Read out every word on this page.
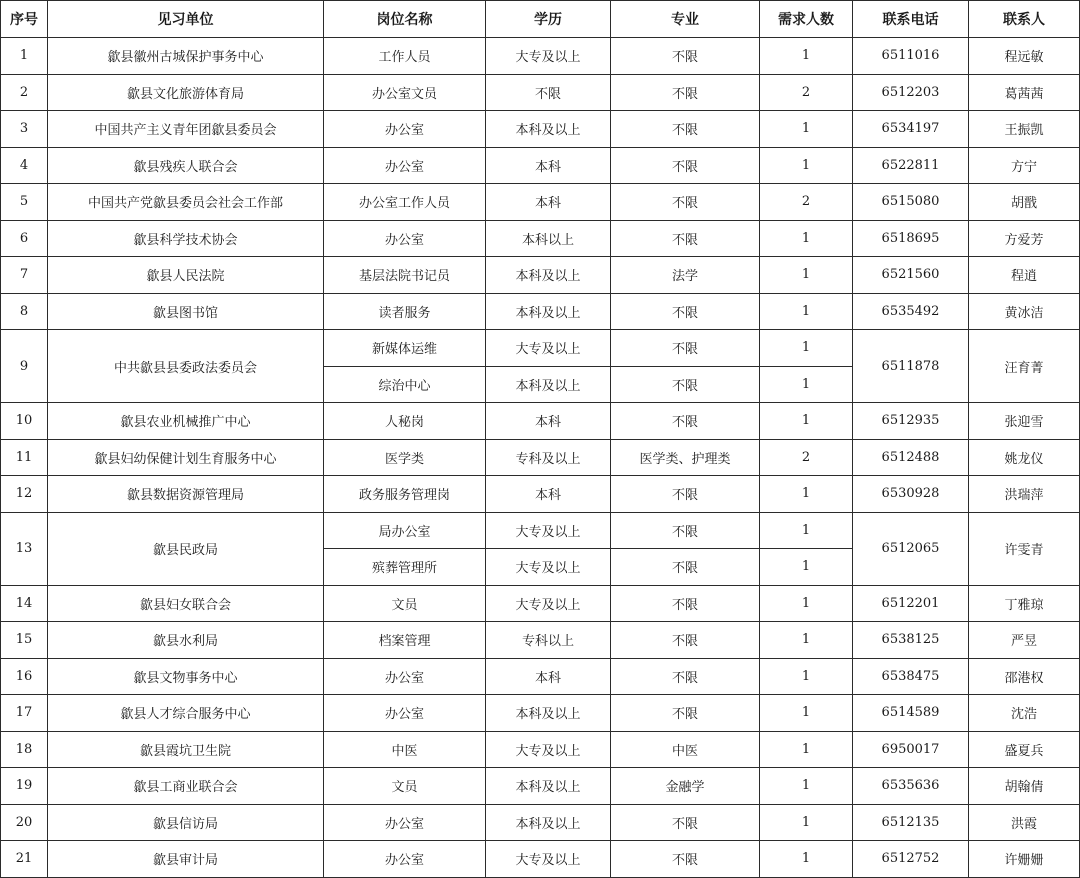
序号	见习单位	岗位名称	学历	专业	需求人数	联系电话	联系人
1	歙县徽州古城保护事务中心	工作人员	大专及以上	不限	1	6511016	程远敏
2	歙县文化旅游体育局	办公室文员	不限	不限	2	6512203	葛茜茜
3	中国共产主义青年团歙县委员会	办公室	本科及以上	不限	1	6534197	王振凯
4	歙县残疾人联合会	办公室	本科	不限	1	6522811	方宁
5	中国共产党歙县委员会社会工作部	办公室工作人员	本科	不限	2	6515080	胡戬
6	歙县科学技术协会	办公室	本科以上	不限	1	6518695	方爱芳
7	歙县人民法院	基层法院书记员	本科及以上	法学	1	6521560	程逍
8	歙县图书馆	读者服务	本科及以上	不限	1	6535492	黄冰洁
9	中共歙县县委政法委员会	新媒体运维	大专及以上	不限	1	6511878	汪育菁
		综治中心	本科及以上	不限	1		
10	歙县农业机械推广中心	人秘岗	本科	不限	1	6512935	张迎雪
11	歙县妇幼保健计划生育服务中心	医学类	专科及以上	医学类、护理类	2	6512488	姚龙仪
12	歙县数据资源管理局	政务服务管理岗	本科	不限	1	6530928	洪瑞萍
13	歙县民政局	局办公室	大专及以上	不限	1	6512065	许雯青
		殡葬管理所	大专及以上	不限	1		
14	歙县妇女联合会	文员	大专及以上	不限	1	6512201	丁雅琼
15	歙县水利局	档案管理	专科以上	不限	1	6538125	严昱
16	歙县文物事务中心	办公室	本科	不限	1	6538475	邵港权
17	歙县人才综合服务中心	办公室	本科及以上	不限	1	6514589	沈浩
18	歙县霞坑卫生院	中医	大专及以上	中医	1	6950017	盛夏兵
19	歙县工商业联合会	文员	本科及以上	金融学	1	6535636	胡翰倩
20	歙县信访局	办公室	本科及以上	不限	1	6512135	洪霞
21	歙县审计局	办公室	大专及以上	不限	1	6512752	许姗姗
